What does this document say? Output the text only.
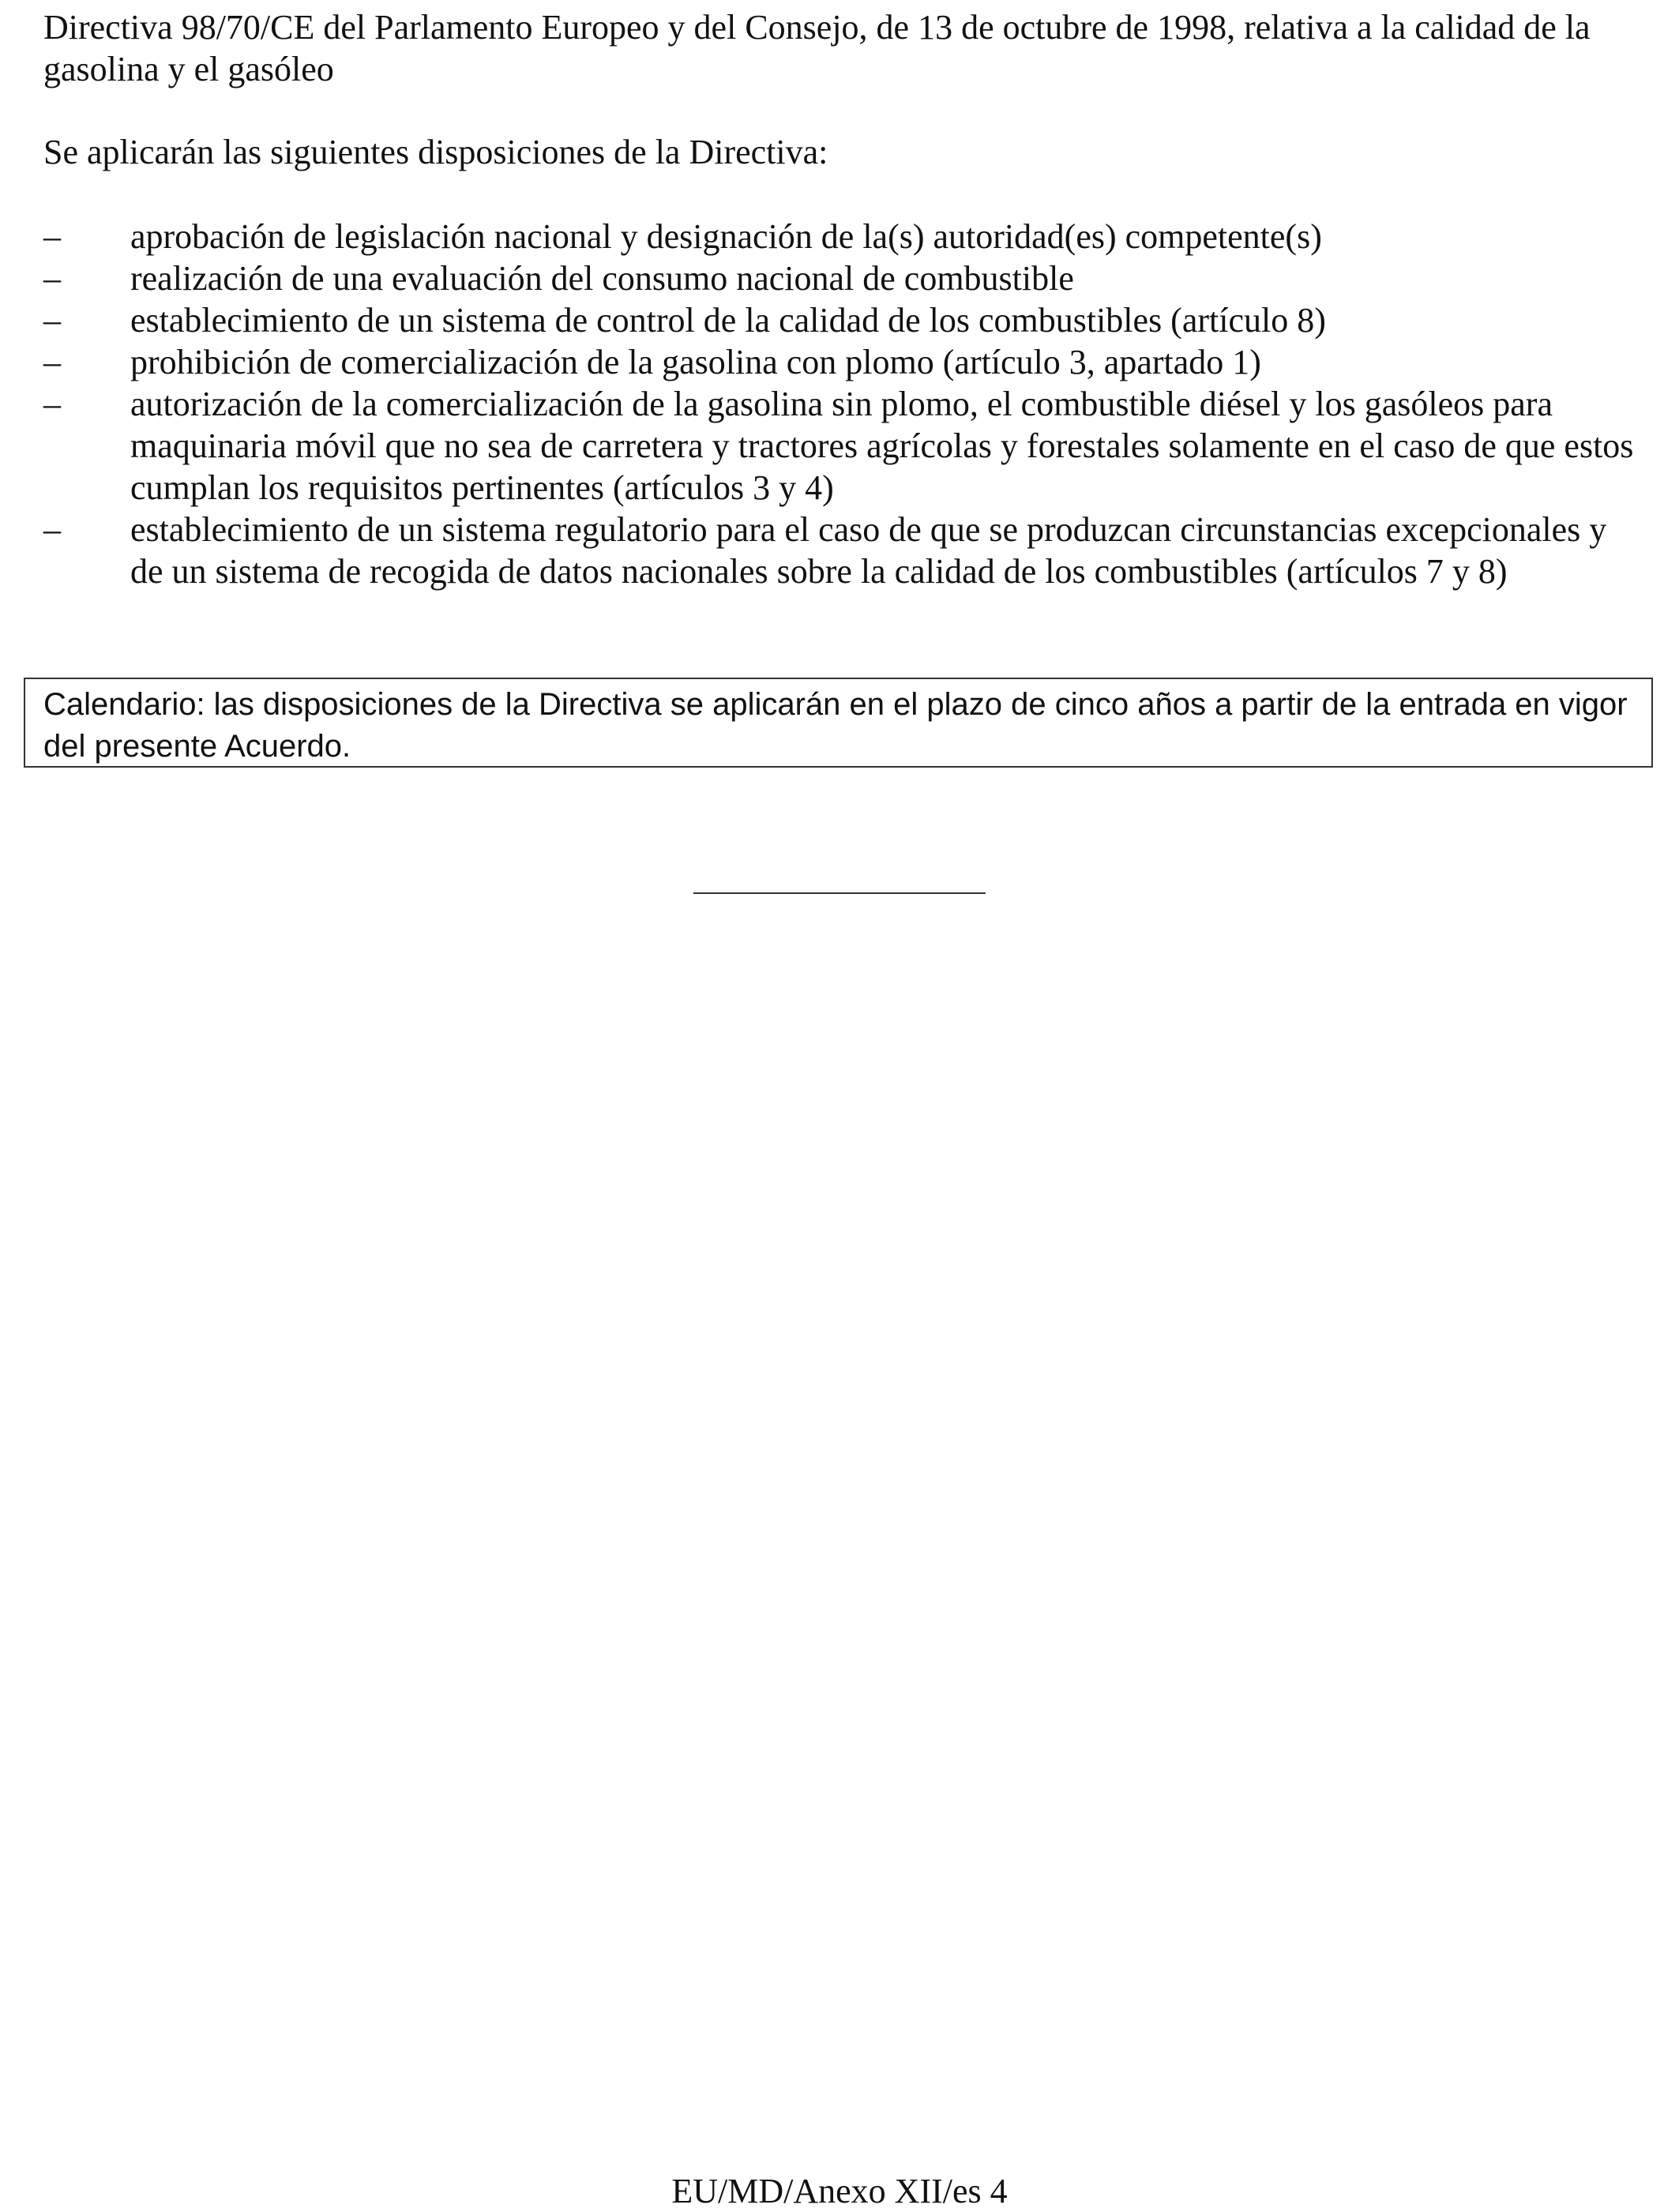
Directiva 98/70/CE del Parlamento Europeo y del Consejo, de 13 de octubre de 1998, relativa a la calidad de la gasolina y el gasóleo

Se aplicarán las siguientes disposiciones de la Directiva:

– aprobación de legislación nacional y designación de la(s) autoridad(es) competente(s)
– realización de una evaluación del consumo nacional de combustible
– establecimiento de un sistema de control de la calidad de los combustibles (artículo 8)
– prohibición de comercialización de la gasolina con plomo (artículo 3, apartado 1)
– autorización de la comercialización de la gasolina sin plomo, el combustible diésel y los gasóleos para maquinaria móvil que no sea de carretera y tractores agrícolas y forestales solamente en el caso de que estos cumplan los requisitos pertinentes (artículos 3 y 4)
– establecimiento de un sistema regulatorio para el caso de que se produzcan circunstancias excepcionales y de un sistema de recogida de datos nacionales sobre la calidad de los combustibles (artículos 7 y 8)

Calendario: las disposiciones de la Directiva se aplicarán en el plazo de cinco años a partir de la entrada en vigor del presente Acuerdo.

EU/MD/Anexo XII/es 4
